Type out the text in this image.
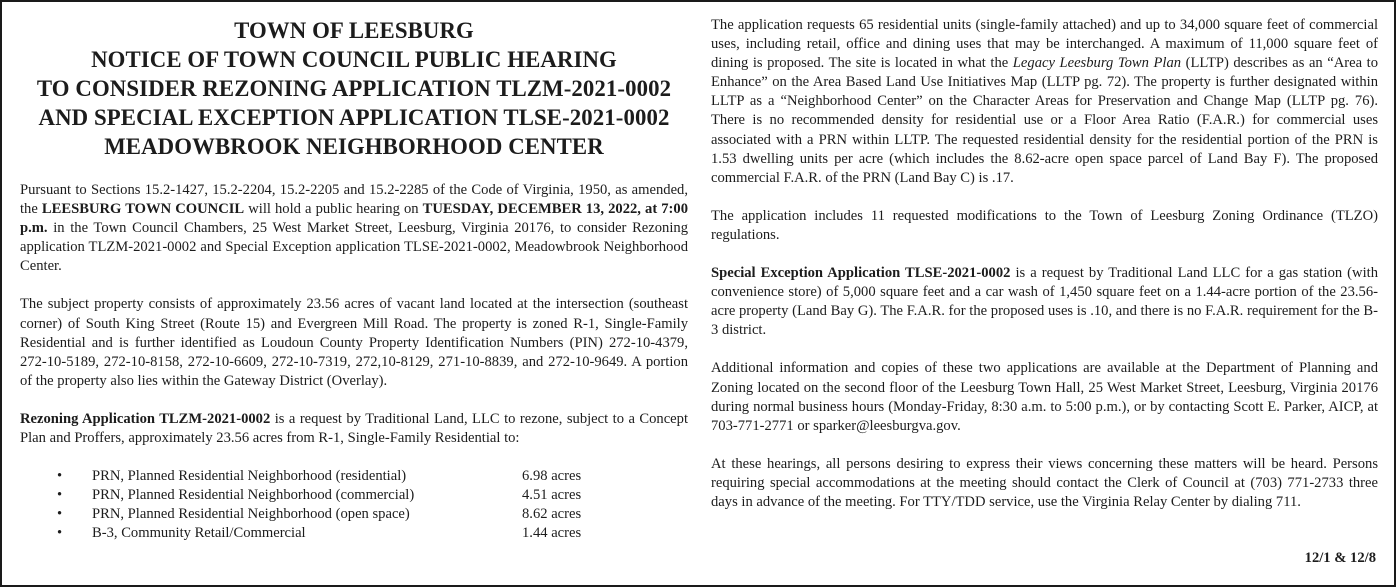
TOWN OF LEESBURG
NOTICE OF TOWN COUNCIL PUBLIC HEARING
TO CONSIDER REZONING APPLICATION TLZM-2021-0002
AND SPECIAL EXCEPTION APPLICATION TLSE-2021-0002
MEADOWBROOK NEIGHBORHOOD CENTER

Pursuant to Sections 15.2-1427, 15.2-2204, 15.2-2205 and 15.2-2285 of the Code of Virginia, 1950, as amended, the LEESBURG TOWN COUNCIL will hold a public hearing on TUESDAY, DECEMBER 13, 2022, at 7:00 p.m. in the Town Council Chambers, 25 West Market Street, Leesburg, Virginia 20176, to consider Rezoning application TLZM-2021-0002 and Special Exception application TLSE-2021-0002, Meadowbrook Neighborhood Center.

The subject property consists of approximately 23.56 acres of vacant land located at the intersection (southeast corner) of South King Street (Route 15) and Evergreen Mill Road. The property is zoned R-1, Single-Family Residential and is further identified as Loudoun County Property Identification Numbers (PIN) 272-10-4379, 272-10-5189, 272-10-8158, 272-10-6609, 272-10-7319, 272,10-8129, 271-10-8839, and 272-10-9649. A portion of the property also lies within the Gateway District (Overlay).

Rezoning Application TLZM-2021-0002 is a request by Traditional Land, LLC to rezone, subject to a Concept Plan and Proffers, approximately 23.56 acres from R-1, Single-Family Residential to:

• PRN, Planned Residential Neighborhood (residential)	6.98 acres
• PRN, Planned Residential Neighborhood (commercial)	4.51 acres
• PRN, Planned Residential Neighborhood (open space)	8.62 acres
• B-3, Community Retail/Commercial	1.44 acres

The application requests 65 residential units (single-family attached) and up to 34,000 square feet of commercial uses, including retail, office and dining uses that may be interchanged. A maximum of 11,000 square feet of dining is proposed. The site is located in what the Legacy Leesburg Town Plan (LLTP) describes as an “Area to Enhance” on the Area Based Land Use Initiatives Map (LLTP pg. 72). The property is further designated within LLTP as a “Neighborhood Center” on the Character Areas for Preservation and Change Map (LLTP pg. 76). There is no recommended density for residential use or a Floor Area Ratio (F.A.R.) for commercial uses associated with a PRN within LLTP. The requested residential density for the residential portion of the PRN is 1.53 dwelling units per acre (which includes the 8.62-acre open space parcel of Land Bay F). The proposed commercial F.A.R. of the PRN (Land Bay C) is .17.

The application includes 11 requested modifications to the Town of Leesburg Zoning Ordinance (TLZO) regulations.

Special Exception Application TLSE-2021-0002 is a request by Traditional Land LLC for a gas station (with convenience store) of 5,000 square feet and a car wash of 1,450 square feet on a 1.44-acre portion of the 23.56-acre property (Land Bay G). The F.A.R. for the proposed uses is .10, and there is no F.A.R. requirement for the B-3 district.

Additional information and copies of these two applications are available at the Department of Planning and Zoning located on the second floor of the Leesburg Town Hall, 25 West Market Street, Leesburg, Virginia 20176 during normal business hours (Monday-Friday, 8:30 a.m. to 5:00 p.m.), or by contacting Scott E. Parker, AICP, at 703-771-2771 or sparker@leesburgva.gov.

At these hearings, all persons desiring to express their views concerning these matters will be heard. Persons requiring special accommodations at the meeting should contact the Clerk of Council at (703) 771-2733 three days in advance of the meeting. For TTY/TDD service, use the Virginia Relay Center by dialing 711.

12/1 & 12/8
